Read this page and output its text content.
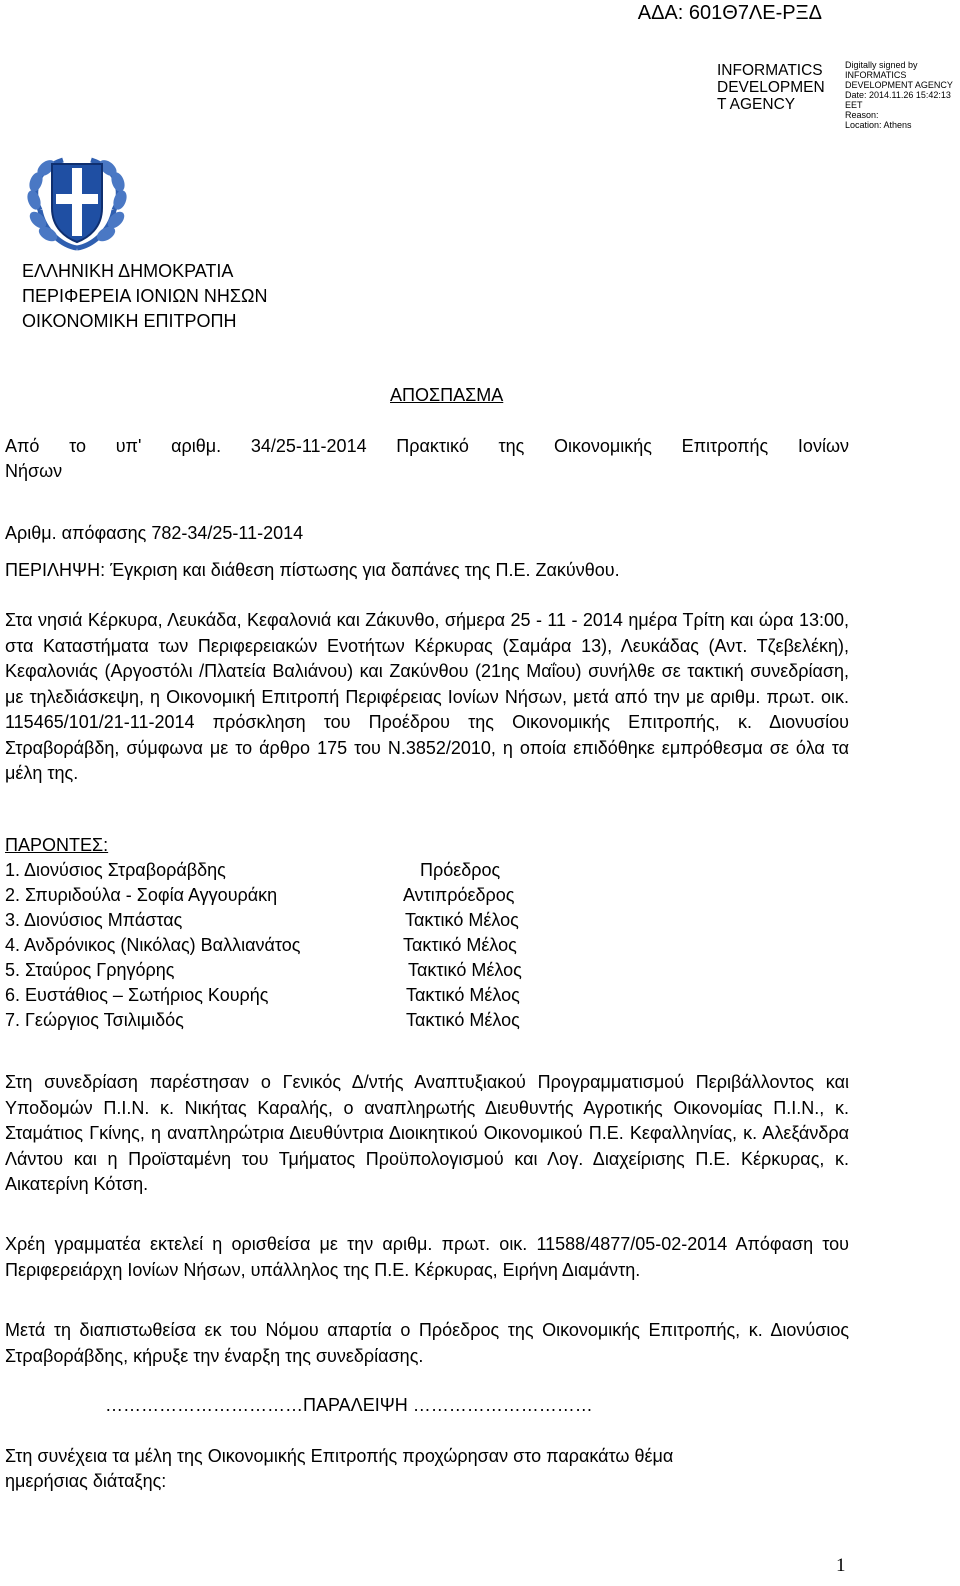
ΑΔΑ: 601Θ7ΛΕ-ΡΞΔ
INFORMATICS
DEVELOPMEN
T AGENCY
Digitally signed by
INFORMATICS
DEVELOPMENT AGENCY
Date: 2014.11.26 15:42:13
EET
Reason:
Location: Athens
ΕΛΛΗΝΙΚΗ ΔΗΜΟΚΡΑΤΙΑ
ΠΕΡΙΦΕΡΕΙΑ ΙΟΝΙΩΝ ΝΗΣΩΝ
ΟΙΚΟΝΟΜΙΚΗ ΕΠΙΤΡΟΠΗ
ΑΠΟΣΠΑΣΜΑ
Από το υπ' αριθμ. 34/25-11-2014 Πρακτικό της Οικονομικής Επιτροπής Ιονίων
Νήσων
Αριθμ. απόφασης 782-34/25-11-2014
ΠΕΡΙΛΗΨΗ: Έγκριση και διάθεση πίστωσης για δαπάνες της Π.Ε. Ζακύνθου.
Στα νησιά Κέρκυρα, Λευκάδα, Κεφαλονιά και Ζάκυνθο, σήμερα 25 - 11 - 2014 ημέρα Τρίτη και ώρα 13:00, στα Καταστήματα των Περιφερειακών Ενοτήτων Κέρκυρας (Σαμάρα 13), Λευκάδας (Αντ. Τζεβελέκη), Κεφαλονιάς (Αργοστόλι /Πλατεία Βαλιάνου) και Ζακύνθου (21ης Μαΐου) συνήλθε σε τακτική συνεδρίαση, με τηλεδιάσκεψη, η Οικονομική Επιτροπή Περιφέρειας Ιονίων Νήσων, μετά από την με αριθμ. πρωτ. οικ. 115465/101/21-11-2014 πρόσκληση του Προέδρου της Οικονομικής Επιτροπής, κ. Διονυσίου Στραβοράβδη, σύμφωνα με το άρθρο 175 του Ν.3852/2010, η οποία επιδόθηκε εμπρόθεσμα σε όλα τα μέλη της.
ΠΑΡΟΝΤΕΣ:
1. Διονύσιος Στραβοράβδης	Πρόεδρος
2. Σπυριδούλα - Σοφία Αγγουράκη	Αντιπρόεδρος
3. Διονύσιος Μπάστας	Τακτικό Μέλος
4. Ανδρόνικος (Νικόλας) Βαλλιανάτος	Τακτικό Μέλος
5. Σταύρος Γρηγόρης	Τακτικό Μέλος
6. Ευστάθιος – Σωτήριος Κουρής	Τακτικό Μέλος
7. Γεώργιος Τσιλιμιδός	Τακτικό Μέλος
Στη συνεδρίαση παρέστησαν ο Γενικός Δ/ντής Αναπτυξιακού Προγραμματισμού Περιβάλλοντος και Υποδομών Π.Ι.Ν. κ. Νικήτας Καραλής, ο αναπληρωτής Διευθυντής Αγροτικής Οικονομίας Π.Ι.Ν., κ. Σταμάτιος Γκίνης, η αναπληρώτρια Διευθύντρια Διοικητικού Οικονομικού Π.Ε. Κεφαλληνίας, κ. Αλεξάνδρα Λάντου και η Προϊσταμένη του Τμήματος Προϋπολογισμού και Λογ. Διαχείρισης Π.Ε. Κέρκυρας, κ. Αικατερίνη Κότση.
Χρέη γραμματέα εκτελεί η ορισθείσα με την αριθμ. πρωτ. οικ. 11588/4877/05-02-2014 Απόφαση του Περιφερειάρχη Ιονίων Νήσων, υπάλληλος της Π.Ε. Κέρκυρας, Ειρήνη Διαμάντη.
Μετά τη διαπιστωθείσα εκ του Νόμου απαρτία ο Πρόεδρος της Οικονομικής Επιτροπής, κ. Διονύσιος Στραβοράβδης, κήρυξε την έναρξη της συνεδρίασης.
……………………………ΠΑΡΑΛΕΙΨΗ …………………………
Στη συνέχεια τα μέλη της Οικονομικής Επιτροπής προχώρησαν στο παρακάτω θέμα
ημερήσιας διάταξης:
1
